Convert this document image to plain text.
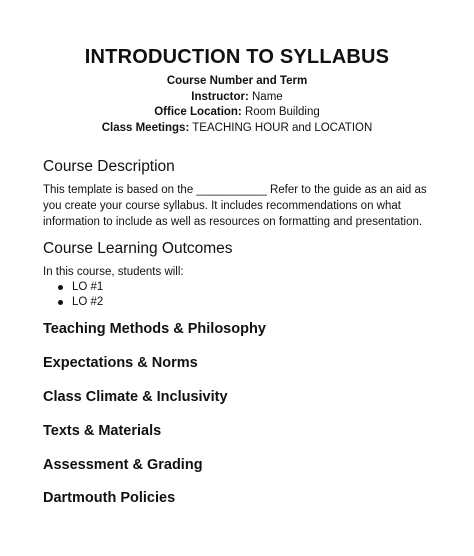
INTRODUCTION TO SYLLABUS
Course Number and Term
Instructor: Name
Office Location: Room Building
Class Meetings: TEACHING HOUR and LOCATION
Course Description
This template is based on the ___________ Refer to the guide as an aid as you create your course syllabus. It includes recommendations on what information to include as well as resources on formatting and presentation.
Course Learning Outcomes
In this course, students will:
LO #1
LO #2
Teaching Methods & Philosophy
Expectations & Norms
Class Climate & Inclusivity
Texts & Materials
Assessment & Grading
Dartmouth Policies
